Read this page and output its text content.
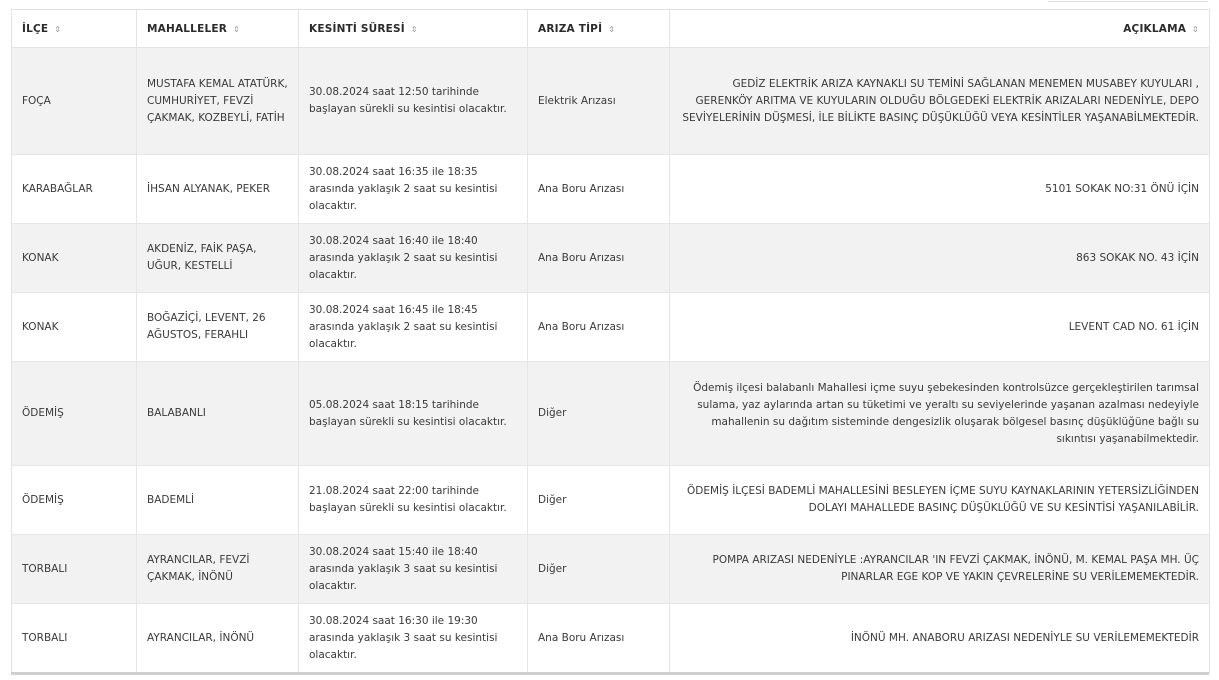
İLÇE ⇕	MAHALLELER ⇕	KESİNTİ SÜRESİ ⇕	ARIZA TİPİ ⇕	AÇIKLAMA ⇕
FOÇA	MUSTAFA KEMAL ATATÜRK, CUMHURİYET, FEVZİ ÇAKMAK, KOZBEYLİ, FATİH	30.08.2024 saat 12:50 tarihinde başlayan sürekli su kesintisi olacaktır.	Elektrik Arızası	GEDİZ ELEKTRİK ARIZA KAYNAKLI SU TEMİNİ SAĞLANAN MENEMEN MUSABEY KUYULARI , GERENKÖY ARITMA VE KUYULARIN OLDUĞU BÖLGEDEKİ ELEKTRİK ARIZALARI NEDENİYLE, DEPO SEVİYELERİNİN DÜŞMESİ, İLE BİLİKTE BASINÇ DÜŞÜKLÜĞÜ VEYA KESİNTİLER YAŞANABİLMEKTEDİR.
KARABAĞLAR	İHSAN ALYANAK, PEKER	30.08.2024 saat 16:35 ile 18:35 arasında yaklaşık 2 saat su kesintisi olacaktır.	Ana Boru Arızası	5101 SOKAK NO:31 ÖNÜ İÇİN
KONAK	AKDENİZ, FAİK PAŞA, UĞUR, KESTELLİ	30.08.2024 saat 16:40 ile 18:40 arasında yaklaşık 2 saat su kesintisi olacaktır.	Ana Boru Arızası	863 SOKAK NO. 43 İÇİN
KONAK	BOĞAZİÇİ, LEVENT, 26 AĞUSTOS, FERAHLI	30.08.2024 saat 16:45 ile 18:45 arasında yaklaşık 2 saat su kesintisi olacaktır.	Ana Boru Arızası	LEVENT CAD NO. 61 İÇİN
ÖDEMİŞ	BALABANLI	05.08.2024 saat 18:15 tarihinde başlayan sürekli su kesintisi olacaktır.	Diğer	Ödemiş ilçesi balabanlı Mahallesi içme suyu şebekesinden kontrolsüzce gerçekleştirilen tarımsal sulama, yaz aylarında artan su tüketimi ve yeraltı su seviyelerinde yaşanan azalması nedeyiyle mahallenin su dağıtım sisteminde dengesizlik oluşarak bölgesel basınç düşüklüğüne bağlı su sıkıntısı yaşanabilmektedir.
ÖDEMİŞ	BADEMLİ	21.08.2024 saat 22:00 tarihinde başlayan sürekli su kesintisi olacaktır.	Diğer	ÖDEMİŞ İLÇESİ BADEMLİ MAHALLESİNİ BESLEYEN İÇME SUYU KAYNAKLARININ YETERSİZLİĞİNDEN DOLAYI MAHALLEDE BASINÇ DÜŞÜKLÜĞÜ VE SU KESİNTİSİ YAŞANILABİLİR.
TORBALI	AYRANCILAR, FEVZİ ÇAKMAK, İNÖNÜ	30.08.2024 saat 15:40 ile 18:40 arasında yaklaşık 3 saat su kesintisi olacaktır.	Diğer	POMPA ARIZASI NEDENİYLE :AYRANCILAR 'IN FEVZİ ÇAKMAK, İNÖNÜ, M. KEMAL PAŞA MH. ÜÇ PINARLAR EGE KOP VE YAKIN ÇEVRELERİNE SU VERİLEMEMEKTEDİR.
TORBALI	AYRANCILAR, İNÖNÜ	30.08.2024 saat 16:30 ile 19:30 arasında yaklaşık 3 saat su kesintisi olacaktır.	Ana Boru Arızası	İNÖNÜ MH. ANABORU ARIZASI NEDENİYLE SU VERİLEMEMEKTEDİR
